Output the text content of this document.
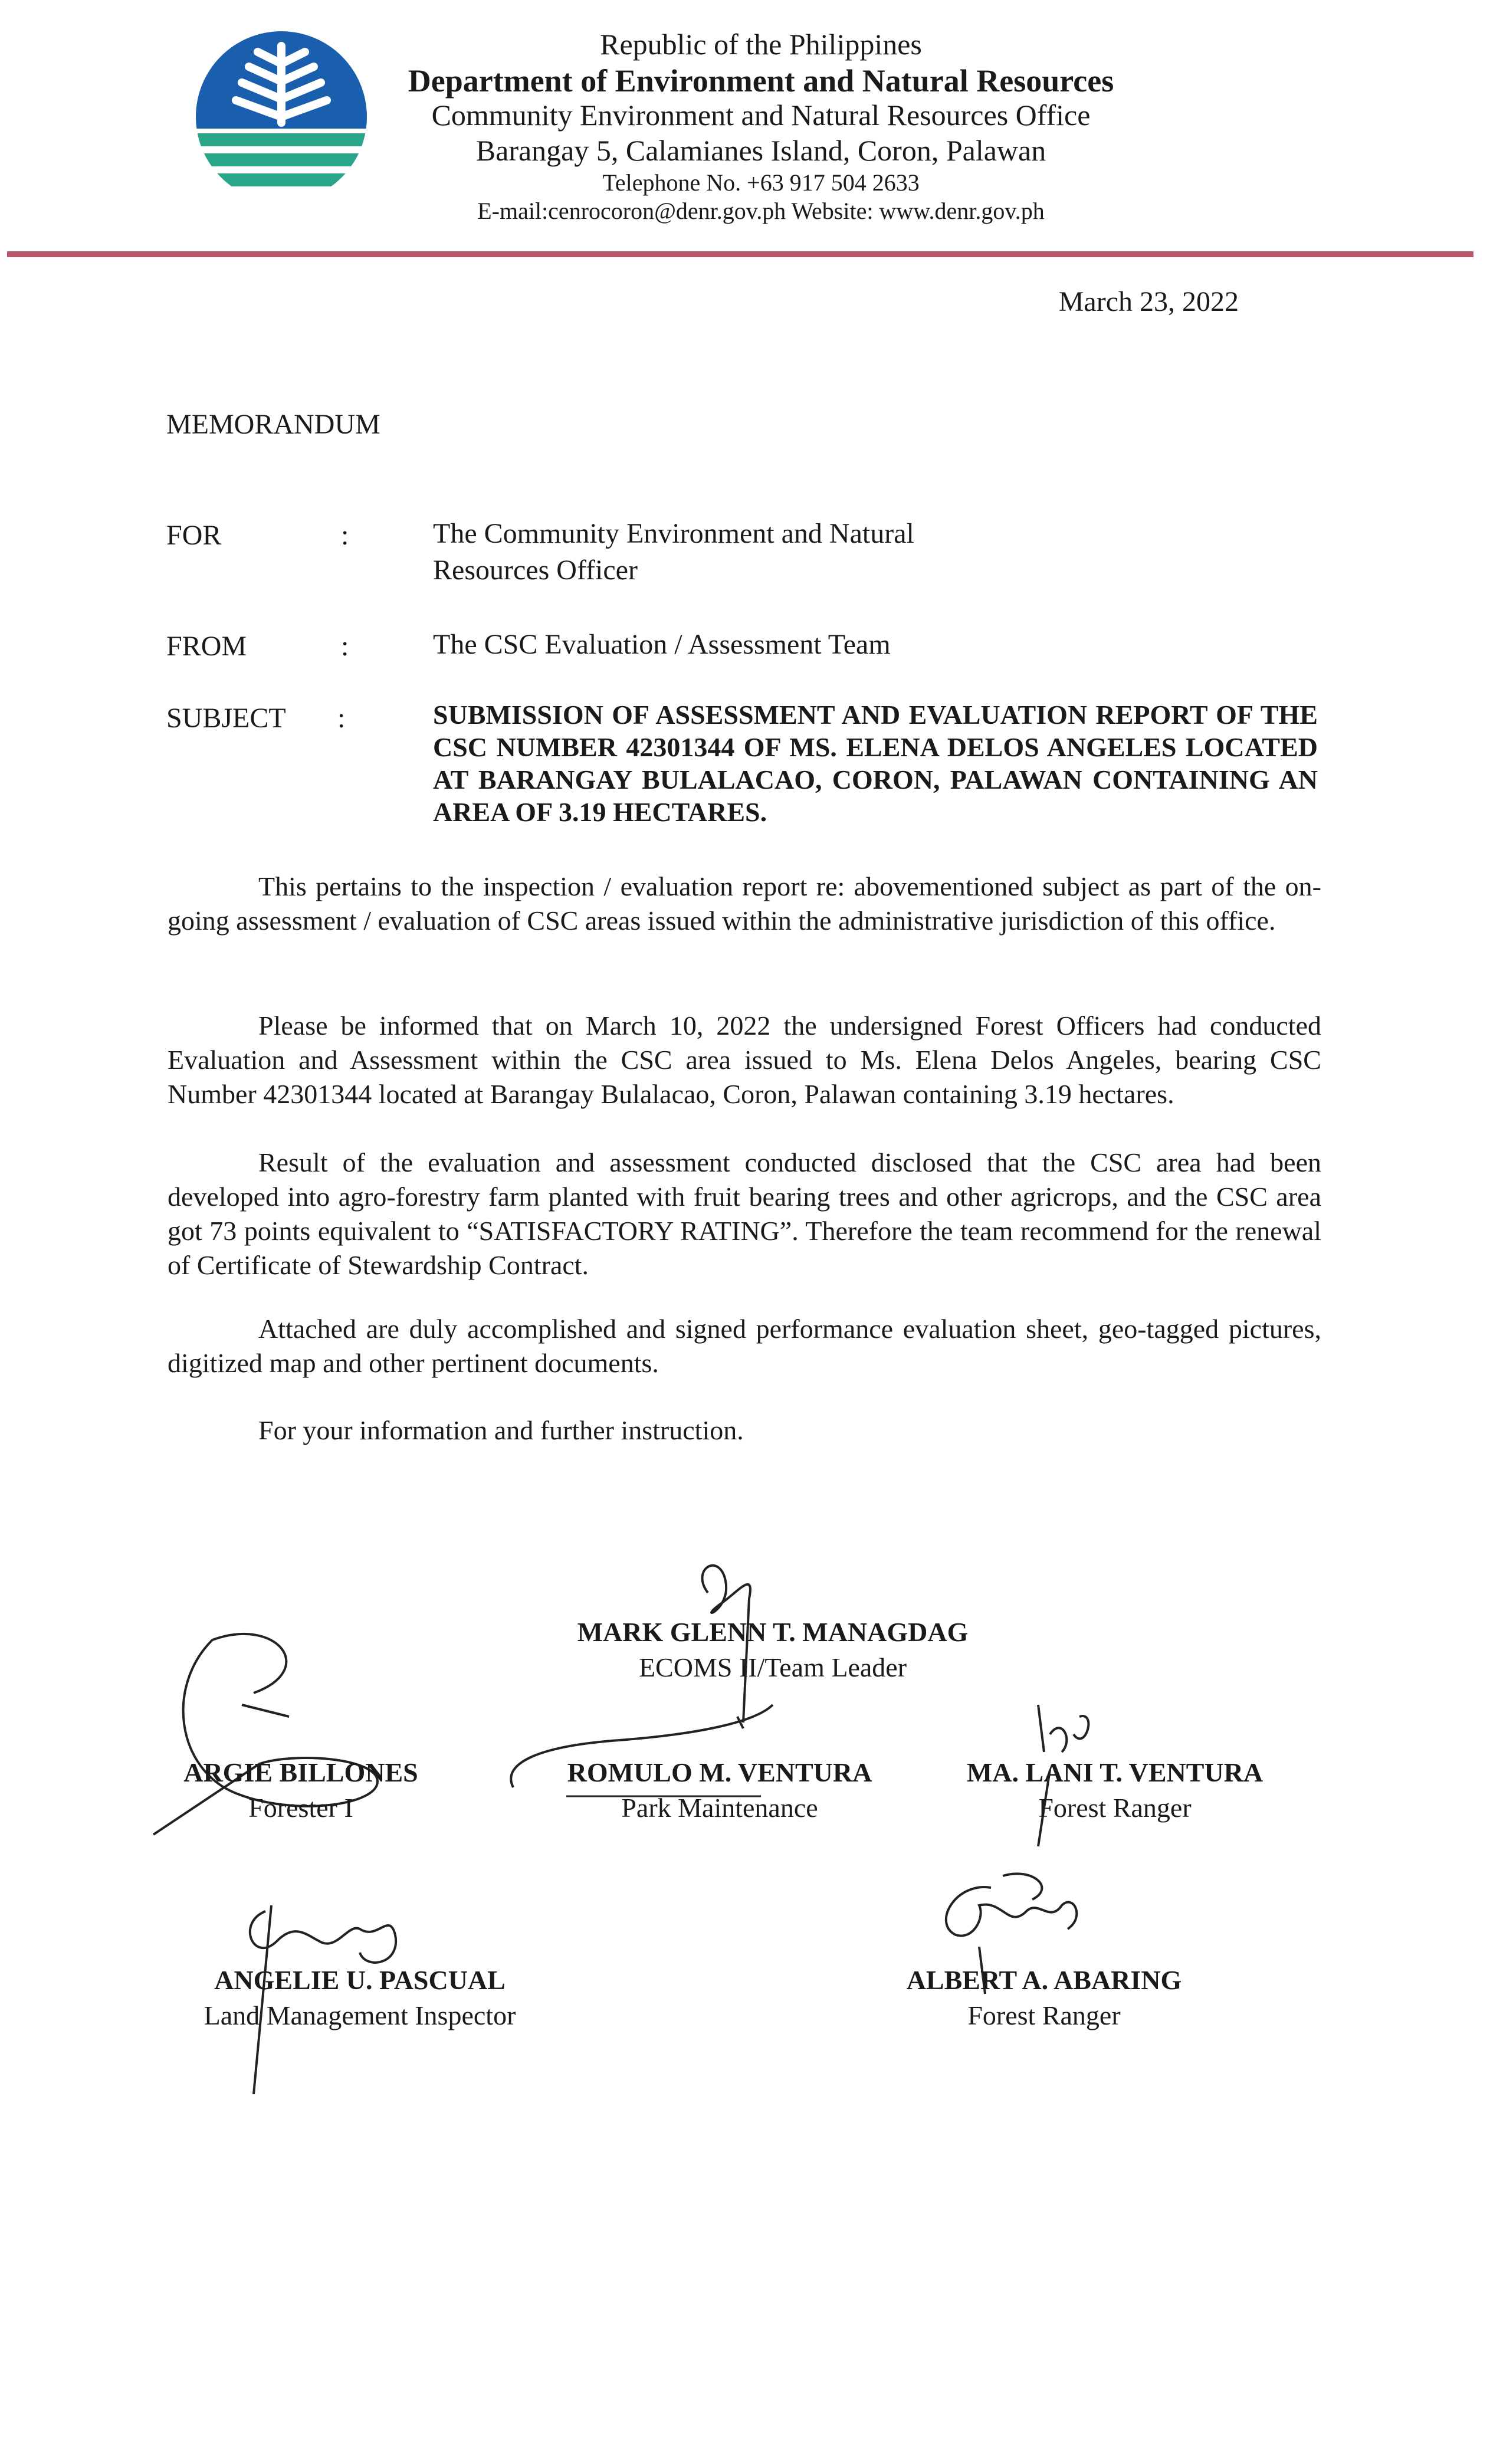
Republic of the Philippines
Department of Environment and Natural Resources
Community Environment and Natural Resources Office
Barangay 5, Calamianes Island, Coron, Palawan
Telephone No. +63 917 504 2633
E-mail:cenrocoron@denr.gov.ph Website: www.denr.gov.ph
March 23, 2022
MEMORANDUM
FOR	:	The Community Environment and Natural Resources Officer
FROM	:	The CSC Evaluation / Assessment Team
SUBJECT :	SUBMISSION OF ASSESSMENT AND EVALUATION REPORT OF THE CSC NUMBER 42301344 OF MS. ELENA DELOS ANGELES LOCATED AT BARANGAY BULALACAO, CORON, PALAWAN CONTAINING AN AREA OF 3.19 HECTARES.
This pertains to the inspection / evaluation report re: abovementioned subject as part of the on-going assessment / evaluation of CSC areas issued within the administrative jurisdiction of this office.
Please be informed that on March 10, 2022 the undersigned Forest Officers had conducted Evaluation and Assessment within the CSC area issued to Ms. Elena Delos Angeles, bearing CSC Number 42301344 located at Barangay Bulalacao, Coron, Palawan containing 3.19 hectares.
Result of the evaluation and assessment conducted disclosed that the CSC area had been developed into agro-forestry farm planted with fruit bearing trees and other agricrops, and the CSC area got 73 points equivalent to “SATISFACTORY RATING”. Therefore the team recommend for the renewal of Certificate of Stewardship Contract.
Attached are duly accomplished and signed performance evaluation sheet, geo-tagged pictures, digitized map and other pertinent documents.
For your information and further instruction.
MARK GLENN T. MANAGDAG
ECOMS II/Team Leader
ARGIE BILLONES
Forester I
ROMULO M. VENTURA
Park Maintenance
MA. LANI T. VENTURA
Forest Ranger
ANGELIE U. PASCUAL
Land Management Inspector
ALBERT A. ABARING
Forest Ranger
